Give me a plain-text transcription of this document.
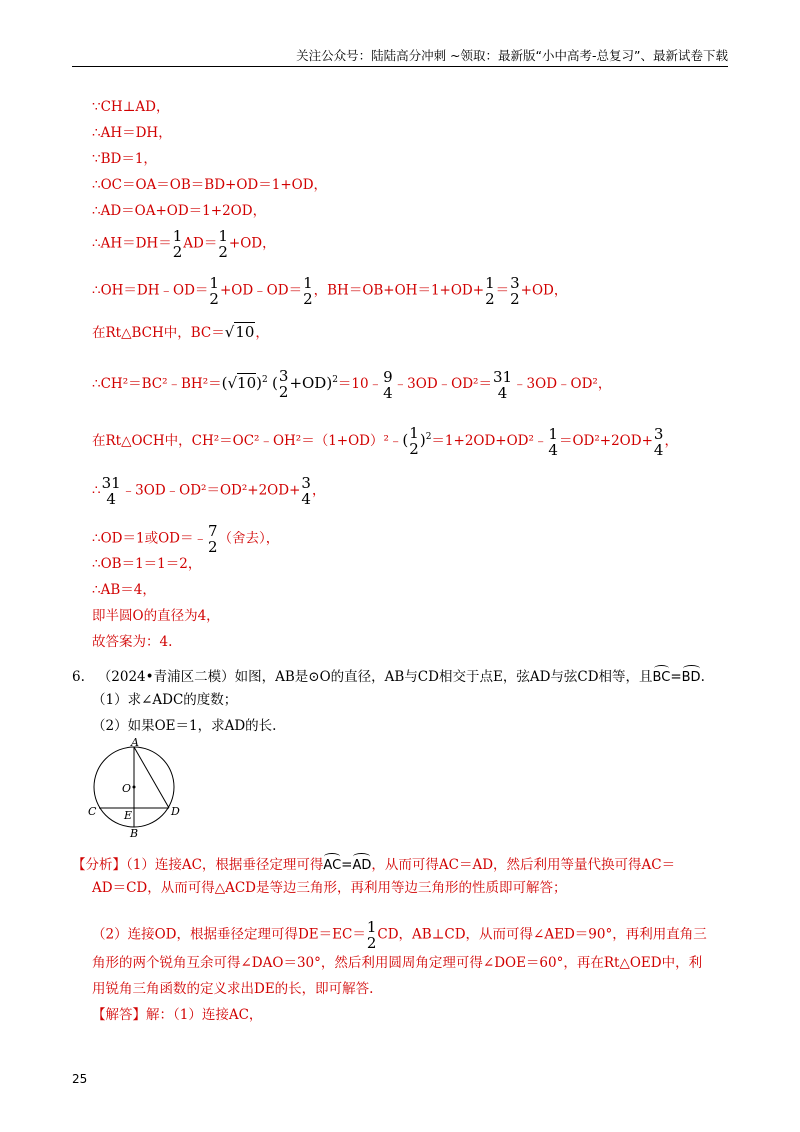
关注公众号：陆陆高分冲刺 ~领取：最新版“小中高考-总复习”、最新试卷下载
∵CH⊥AD，
∴AH＝DH，
∵BD＝1，
∴OC＝OA＝OB＝BD+OD＝1+OD，
∴AD＝OA+OD＝1+2OD，
∴AH＝DH＝ 1
2 AD＝ 1
2 +OD，
∴OH＝DH﹣OD＝ 1
2 +OD﹣OD＝ 1
2 ，BH＝OB+OH＝1+OD+ 1
2 ＝ 3
2 +OD，
在Rt△BCH中，BC＝√10，
$\therefore CH^2=BC^2﹣BH^2=(√10)^2$ ( 3
2 +OD)$^2$＝10﹣ 9
4 ﹣3OD﹣OD²＝ 31
4 ﹣3OD﹣OD²，
在Rt△OCH中，CH²＝OC²﹣OH²＝（1+OD）²﹣( 1
2 )$^2$＝1+2OD+OD²﹣ 1
4 ＝OD²+2OD+ 3
4 ，
∴ 31
4 ﹣3OD﹣OD²＝OD²+2OD+ 3
4 ，
∴OD＝1或OD＝﹣ 7
2 （舍去），
∴OB＝1＝1＝2，
∴AB＝4，
即半圆O的直径为4，
故答案为：4.
6. （2024•青浦区二模）如图，AB是⊙O的直径，AB与CD相交于点E，弦AD与弦CD相等，且BC=BD.
（1）求∠ADC的度数；
（2）如果OE＝1，求AD的长.
A
O
C	E	D
B
【分析】（1）连接AC，根据垂径定理可得AC=AD，从而可得AC＝AD，然后利用等量代换可得AC＝
AD＝CD，从而可得△ACD是等边三角形，再利用等边三角形的性质即可解答；
（2）连接OD，根据垂径定理可得DE＝EC＝ 1
2 CD，AB⊥CD，从而可得∠AED＝90°，再利用直角三
角形的两个锐角互余可得∠DAO＝30°，然后利用圆周角定理可得∠DOE＝60°，再在Rt△OED中，利
用锐角三角函数的定义求出DE的长，即可解答.
【解答】解：（1）连接AC，
25
